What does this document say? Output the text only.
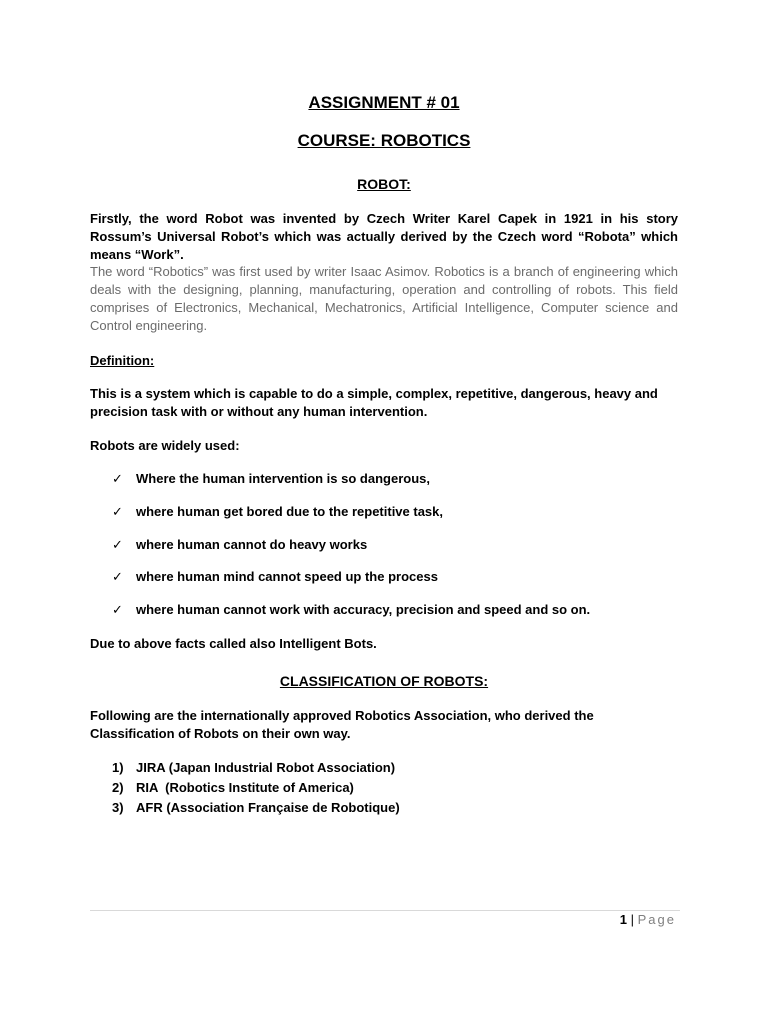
ASSIGNMENT # 01
COURSE: ROBOTICS
ROBOT:
Firstly, the word Robot was invented by Czech Writer Karel Capek in 1921 in his story Rossum’s Universal Robot’s which was actually derived by the Czech word “Robota” which means “Work”.
The word “Robotics” was first used by writer Isaac Asimov. Robotics is a branch of engineering which deals with the designing, planning, manufacturing, operation and controlling of robots. This field comprises of Electronics, Mechanical, Mechatronics, Artificial Intelligence, Computer science and Control engineering.
Definition:
This is a system which is capable to do a simple, complex, repetitive, dangerous, heavy and precision task with or without any human intervention.
Robots are widely used:
✓ Where the human intervention is so dangerous,
✓ where human get bored due to the repetitive task,
✓ where human cannot do heavy works
✓ where human mind cannot speed up the process
✓ where human cannot work with accuracy, precision and speed and so on.
Due to above facts called also Intelligent Bots.
CLASSIFICATION OF ROBOTS:
Following are the internationally approved Robotics Association, who derived the Classification of Robots on their own way.
1) JIRA (Japan Industrial Robot Association)
2) RIA  (Robotics Institute of America)
3) AFR (Association Française de Robotique)
1 | Page
